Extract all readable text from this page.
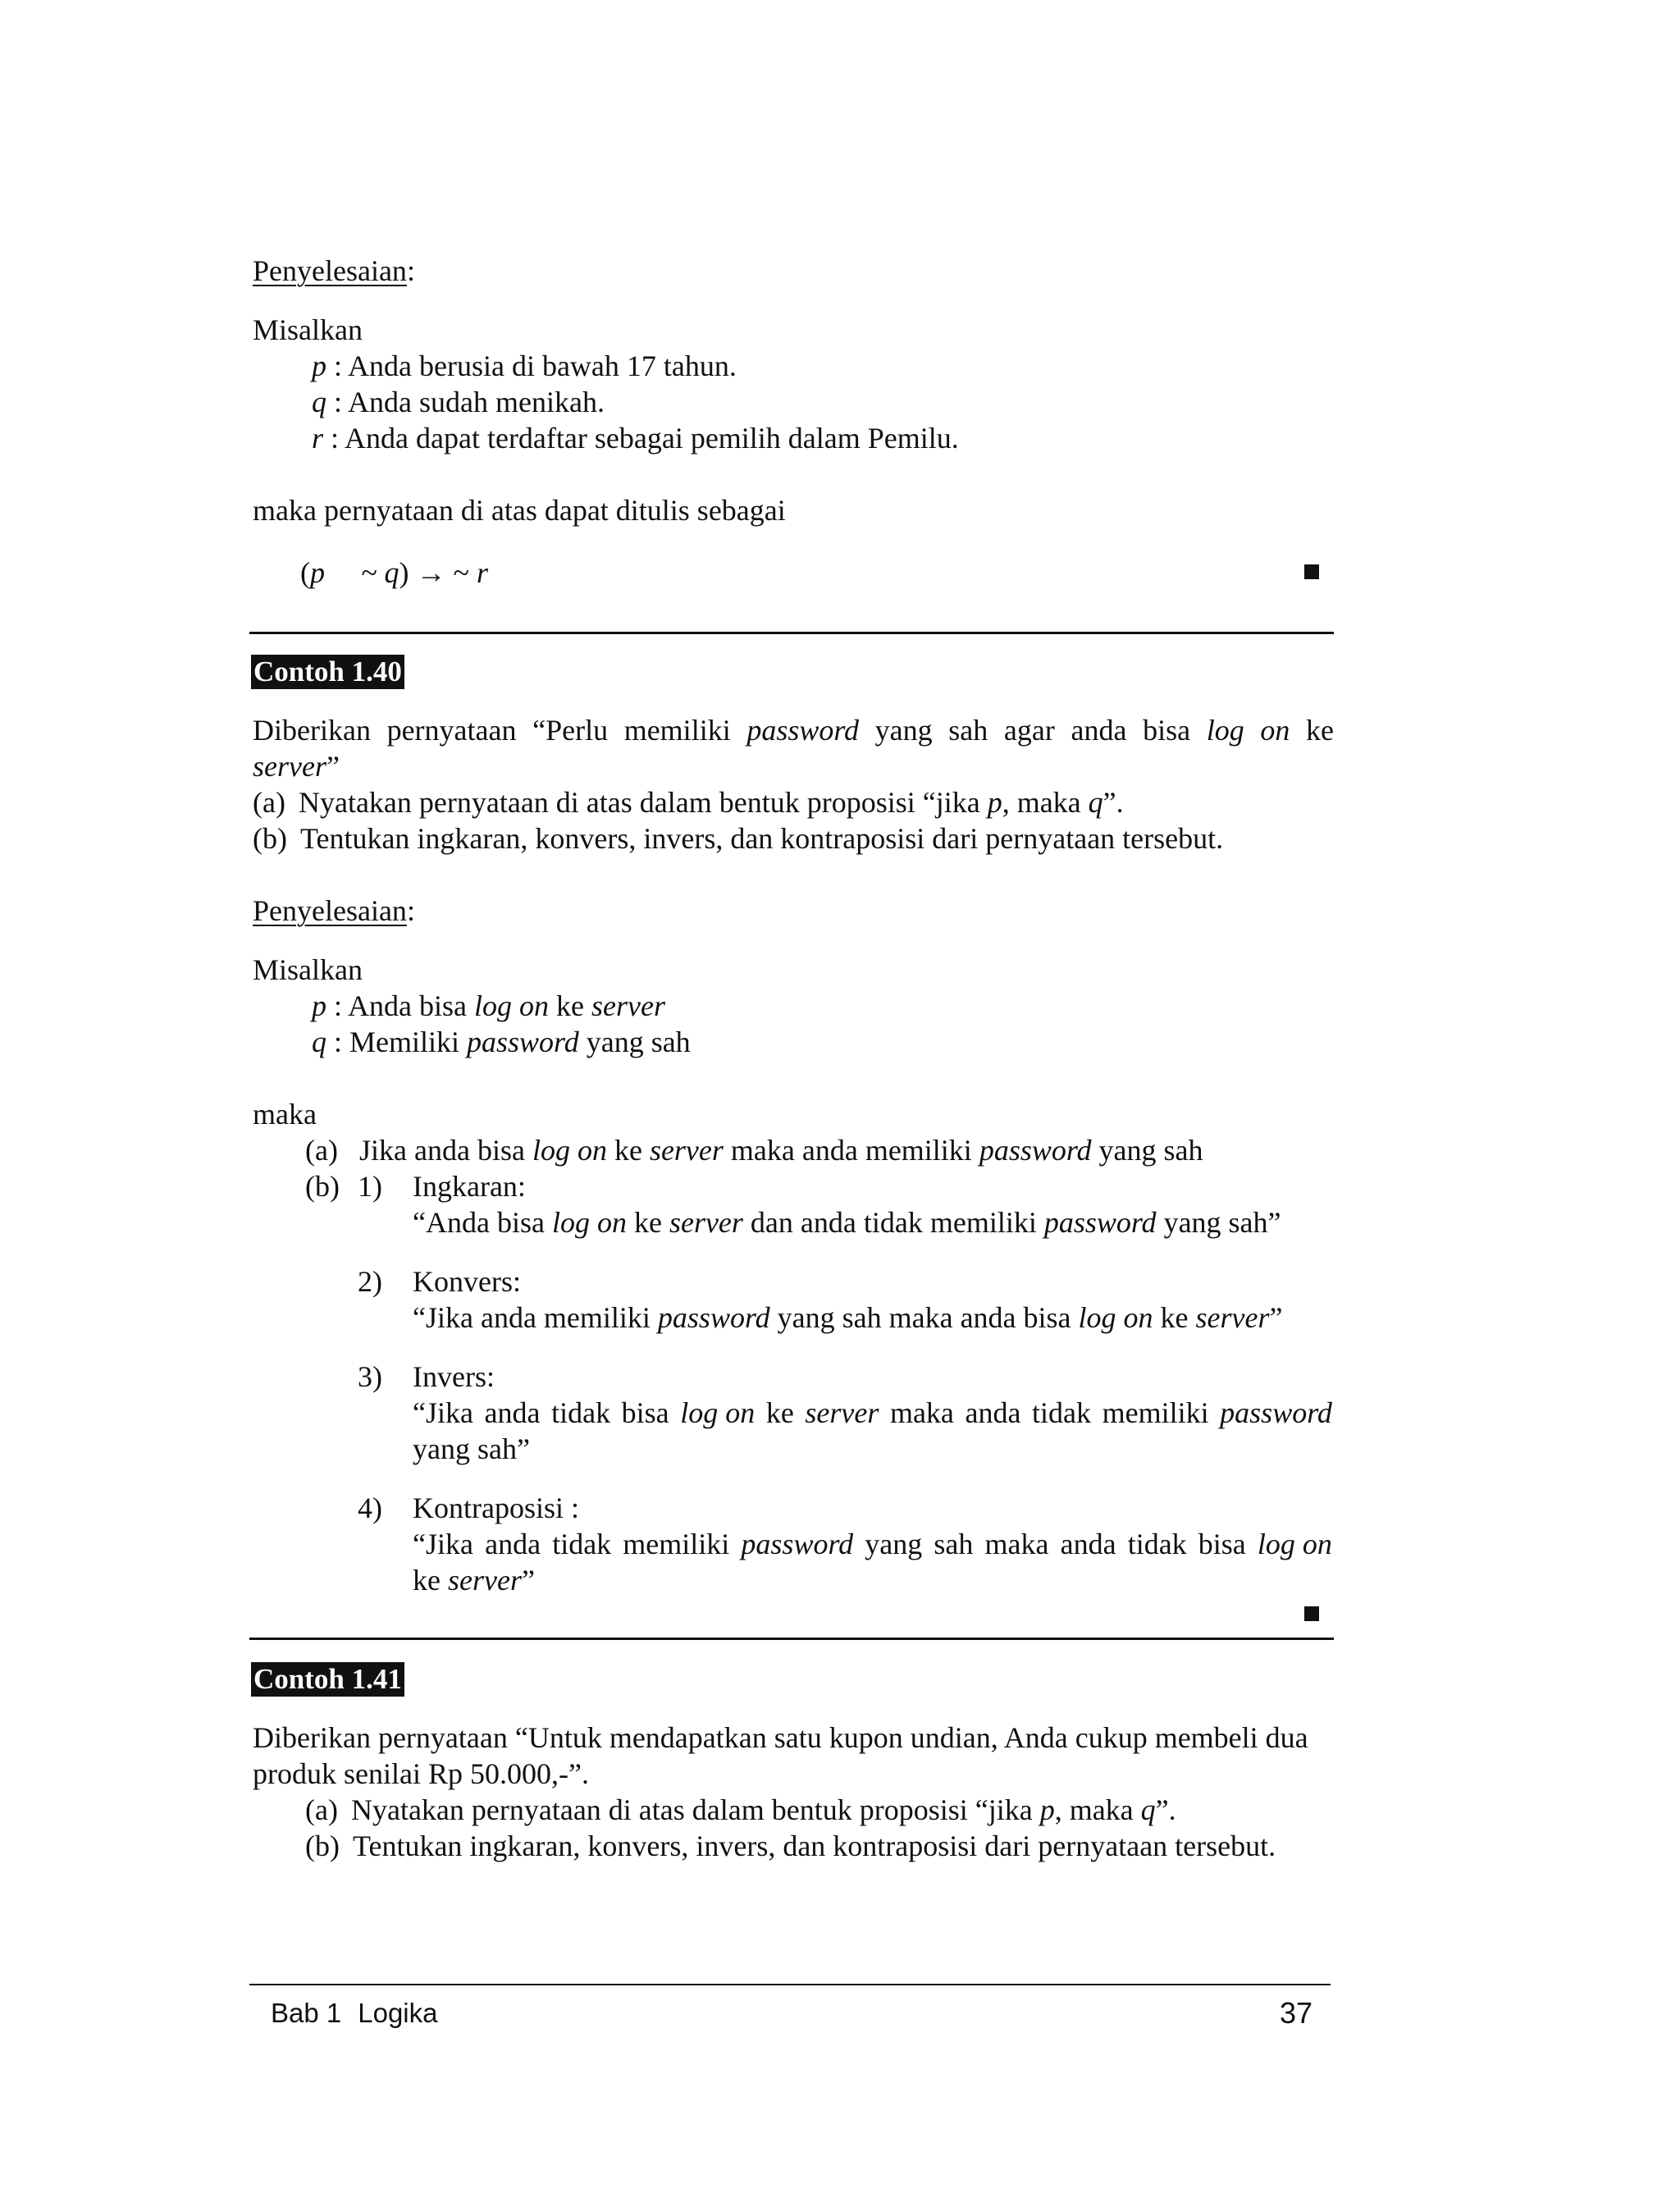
Penyelesaian:
Misalkan
p : Anda berusia di bawah 17 tahun.
q : Anda sudah menikah.
r : Anda dapat terdaftar sebagai pemilih dalam Pemilu.
maka pernyataan di atas dapat ditulis sebagai
(p ~ q) → ~ r
Contoh 1.40
Diberikan pernyataan “Perlu memiliki password yang sah agar anda bisa log on ke
server”
(a) Nyatakan pernyataan di atas dalam bentuk proposisi “jika p, maka q”.
(b) Tentukan ingkaran, konvers, invers, dan kontraposisi dari pernyataan tersebut.
Penyelesaian:
Misalkan
p : Anda bisa log on ke server
q : Memiliki password yang sah
maka
(a) Jika anda bisa log on ke server maka anda memiliki password yang sah
(b) 1) Ingkaran:
“Anda bisa log on ke server dan anda tidak memiliki password yang sah”
2) Konvers:
“Jika anda memiliki password yang sah maka anda bisa log on ke server”
3) Invers:
“Jika anda tidak bisa log on ke server maka anda tidak memiliki password
yang sah”
4) Kontraposisi :
“Jika anda tidak memiliki password yang sah maka anda tidak bisa log on
ke server”
Contoh 1.41
Diberikan pernyataan “Untuk mendapatkan satu kupon undian, Anda cukup membeli dua
produk senilai Rp 50.000,-”.
(a) Nyatakan pernyataan di atas dalam bentuk proposisi “jika p, maka q”.
(b) Tentukan ingkaran, konvers, invers, dan kontraposisi dari pernyataan tersebut.
Bab 1 Logika	37
